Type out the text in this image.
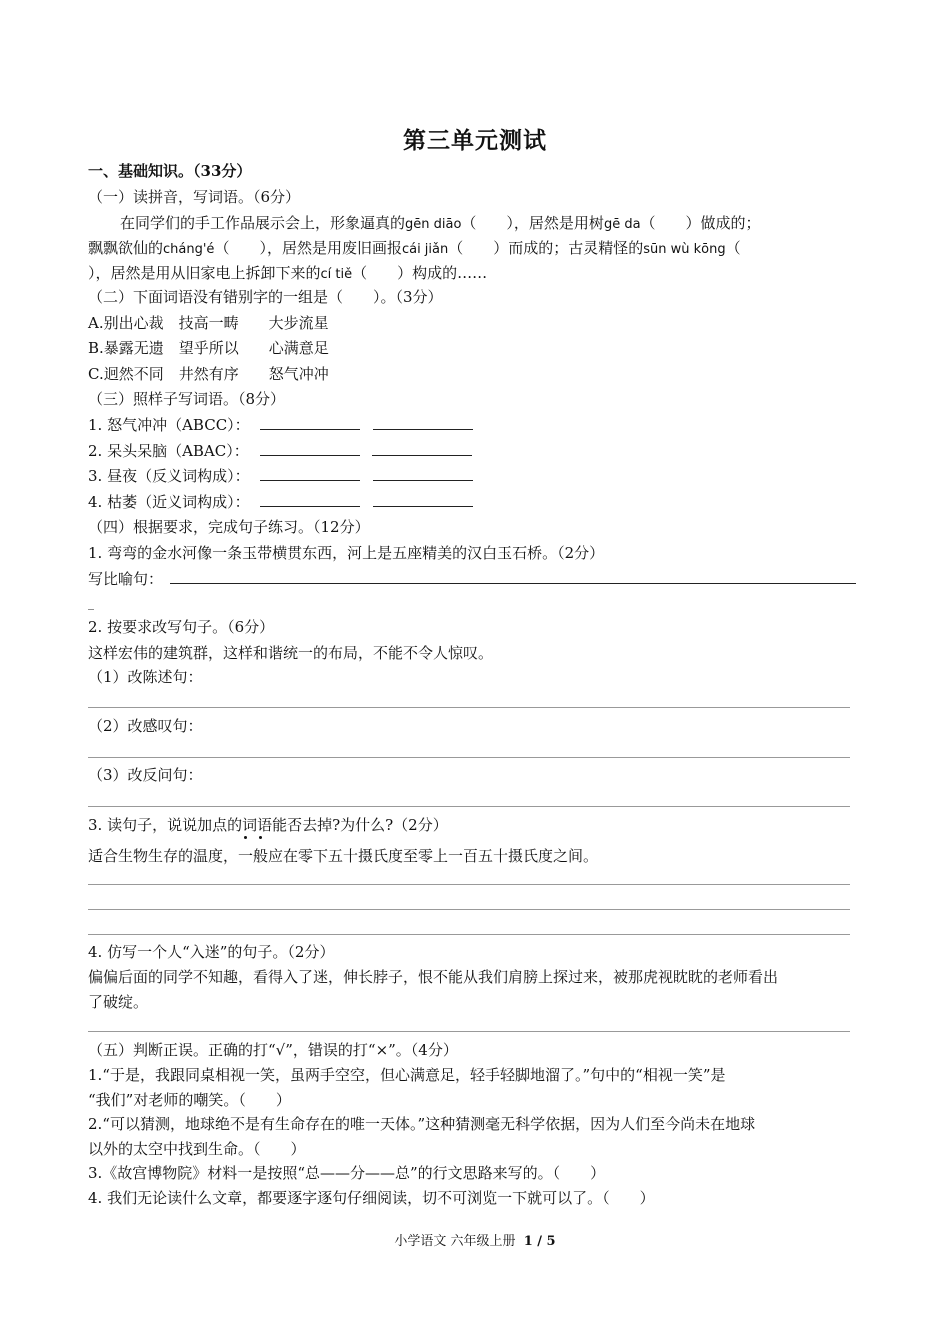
第三单元测试
一、基础知识。（33分）
（一）读拼音，写词语。（6分）
在同学们的手工作品展示会上，形象逼真的gēn diāo（　　），居然是用树gē da（　　）做成的；
飘飘欲仙的cháng'é（　　），居然是用废旧画报cái jiǎn（　　）而成的；古灵精怪的sūn wù kōng（
），居然是用从旧家电上拆卸下来的cí tiě（　　）构成的……
（二）下面词语没有错别字的一组是（　　）。（3分）
A.别出心裁　技高一畴　　大步流星
B.暴露无遗　望乎所以　　心满意足
C.迥然不同　井然有序　　怒气冲冲
（三）照样子写词语。（8分）
1. 怒气冲冲（ABCC）：
2. 呆头呆脑（ABAC）：
3. 昼夜（反义词构成）：
4. 枯萎（近义词构成）：
（四）根据要求，完成句子练习。（12分）
1. 弯弯的金水河像一条玉带横贯东西，河上是五座精美的汉白玉石桥。（2分）
写比喻句：
_
2. 按要求改写句子。（6分）
这样宏伟的建筑群，这样和谐统一的布局，不能不令人惊叹。
（1）改陈述句：
（2）改感叹句：
（3）改反问句：
3. 读句子，说说加点的词语能否去掉?为什么?（2分）
适合生物生存的温度，
一般应在零下五十摄氏度至零上一百五十摄氏度之间。
4. 仿写一个人“入迷”的句子。（2分）
偏偏后面的同学不知趣，看得入了迷，伸长脖子，恨不能从我们肩膀上探过来，被那虎视眈眈的老师看出
了破绽。
（五）判断正误。正确的打“√”，错误的打“×”。（4分）
1.“于是，我跟同桌相视一笑，虽两手空空，但心满意足，轻手轻脚地溜了。”句中的“相视一笑”是
“我们”对老师的嘲笑。（　　）
2.“可以猜测，地球绝不是有生命存在的唯一天体。”这种猜测毫无科学依据，因为人们至今尚未在地球
以外的太空中找到生命。（　　）
3.《故宫博物院》材料一是按照“总——分——总”的行文思路来写的。（　　）
4. 我们无论读什么文章，都要逐字逐句仔细阅读，切不可浏览一下就可以了。（　　）
小学语文 六年级上册 1 / 5
